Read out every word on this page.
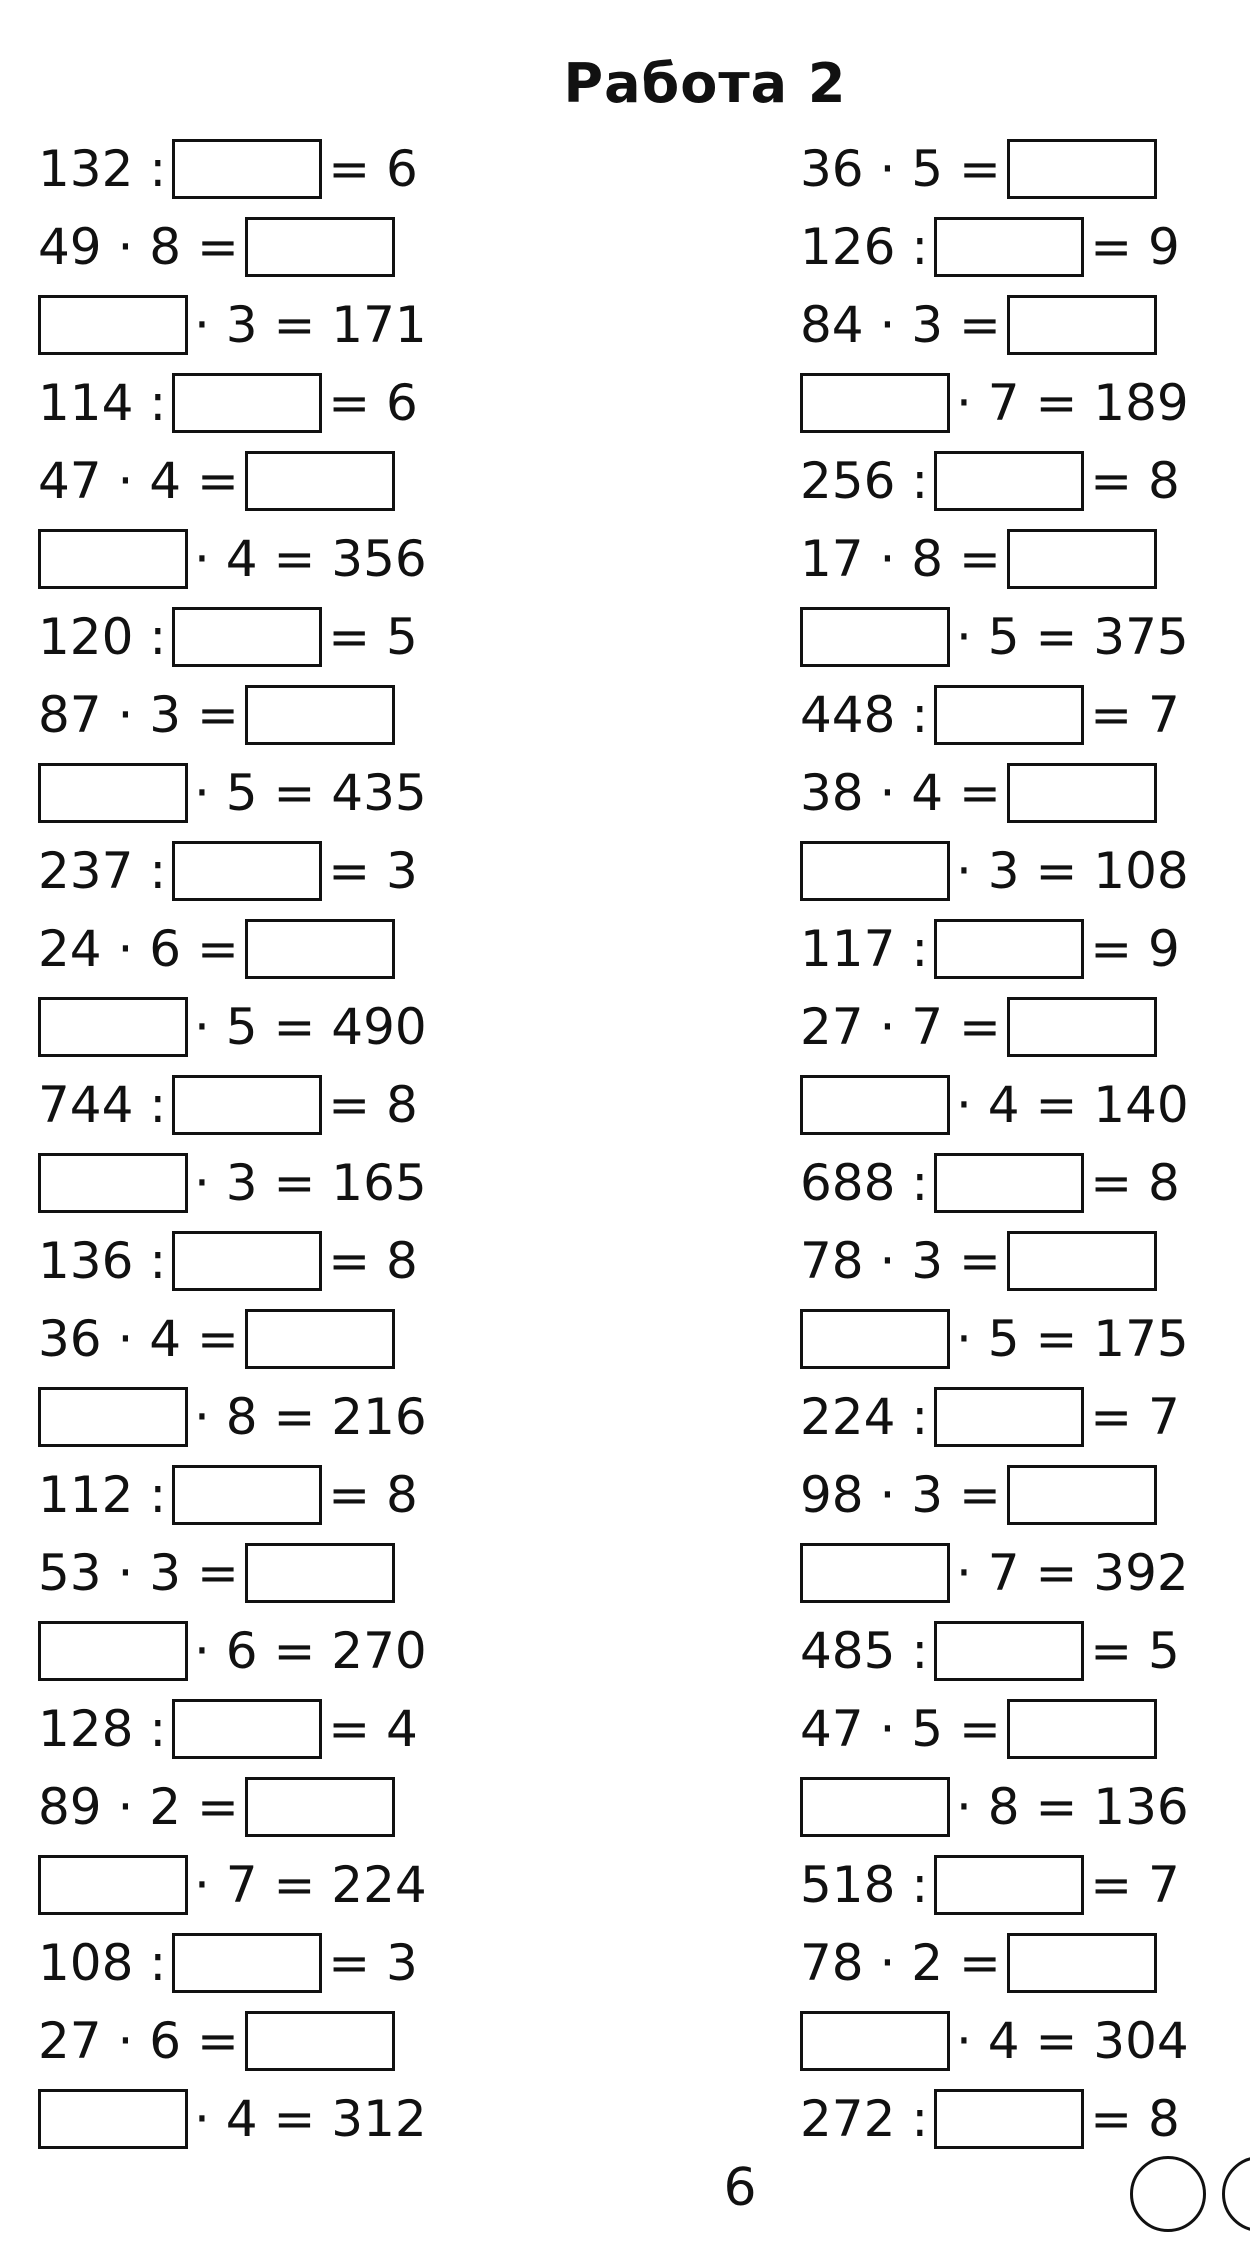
Работа 2
132 :	= 6
49 · 8 =
· 3 = 171
114 :	= 6
47 · 4 =
· 4 = 356
120 :	= 5
87 · 3 =
· 5 = 435
237 :	= 3
24 · 6 =
· 5 = 490
744 :	= 8
· 3 = 165
136 :	= 8
36 · 4 =
· 8 = 216
112 :	= 8
53 · 3 =
· 6 = 270
128 :	= 4
89 · 2 =
· 7 = 224
108 :	= 3
27 · 6 =
· 4 = 312
36 · 5 =
126 :	= 9
84 · 3 =
· 7 = 189
256 :	= 8
17 · 8 =
· 5 = 375
448 :	= 7
38 · 4 =
· 3 = 108
117 :	= 9
27 · 7 =
· 4 = 140
688 :	= 8
78 · 3 =
· 5 = 175
224 :	= 7
98 · 3 =
· 7 = 392
485 :	= 5
47 · 5 =
· 8 = 136
518 :	= 7
78 · 2 =
· 4 = 304
272 :	= 8
6
